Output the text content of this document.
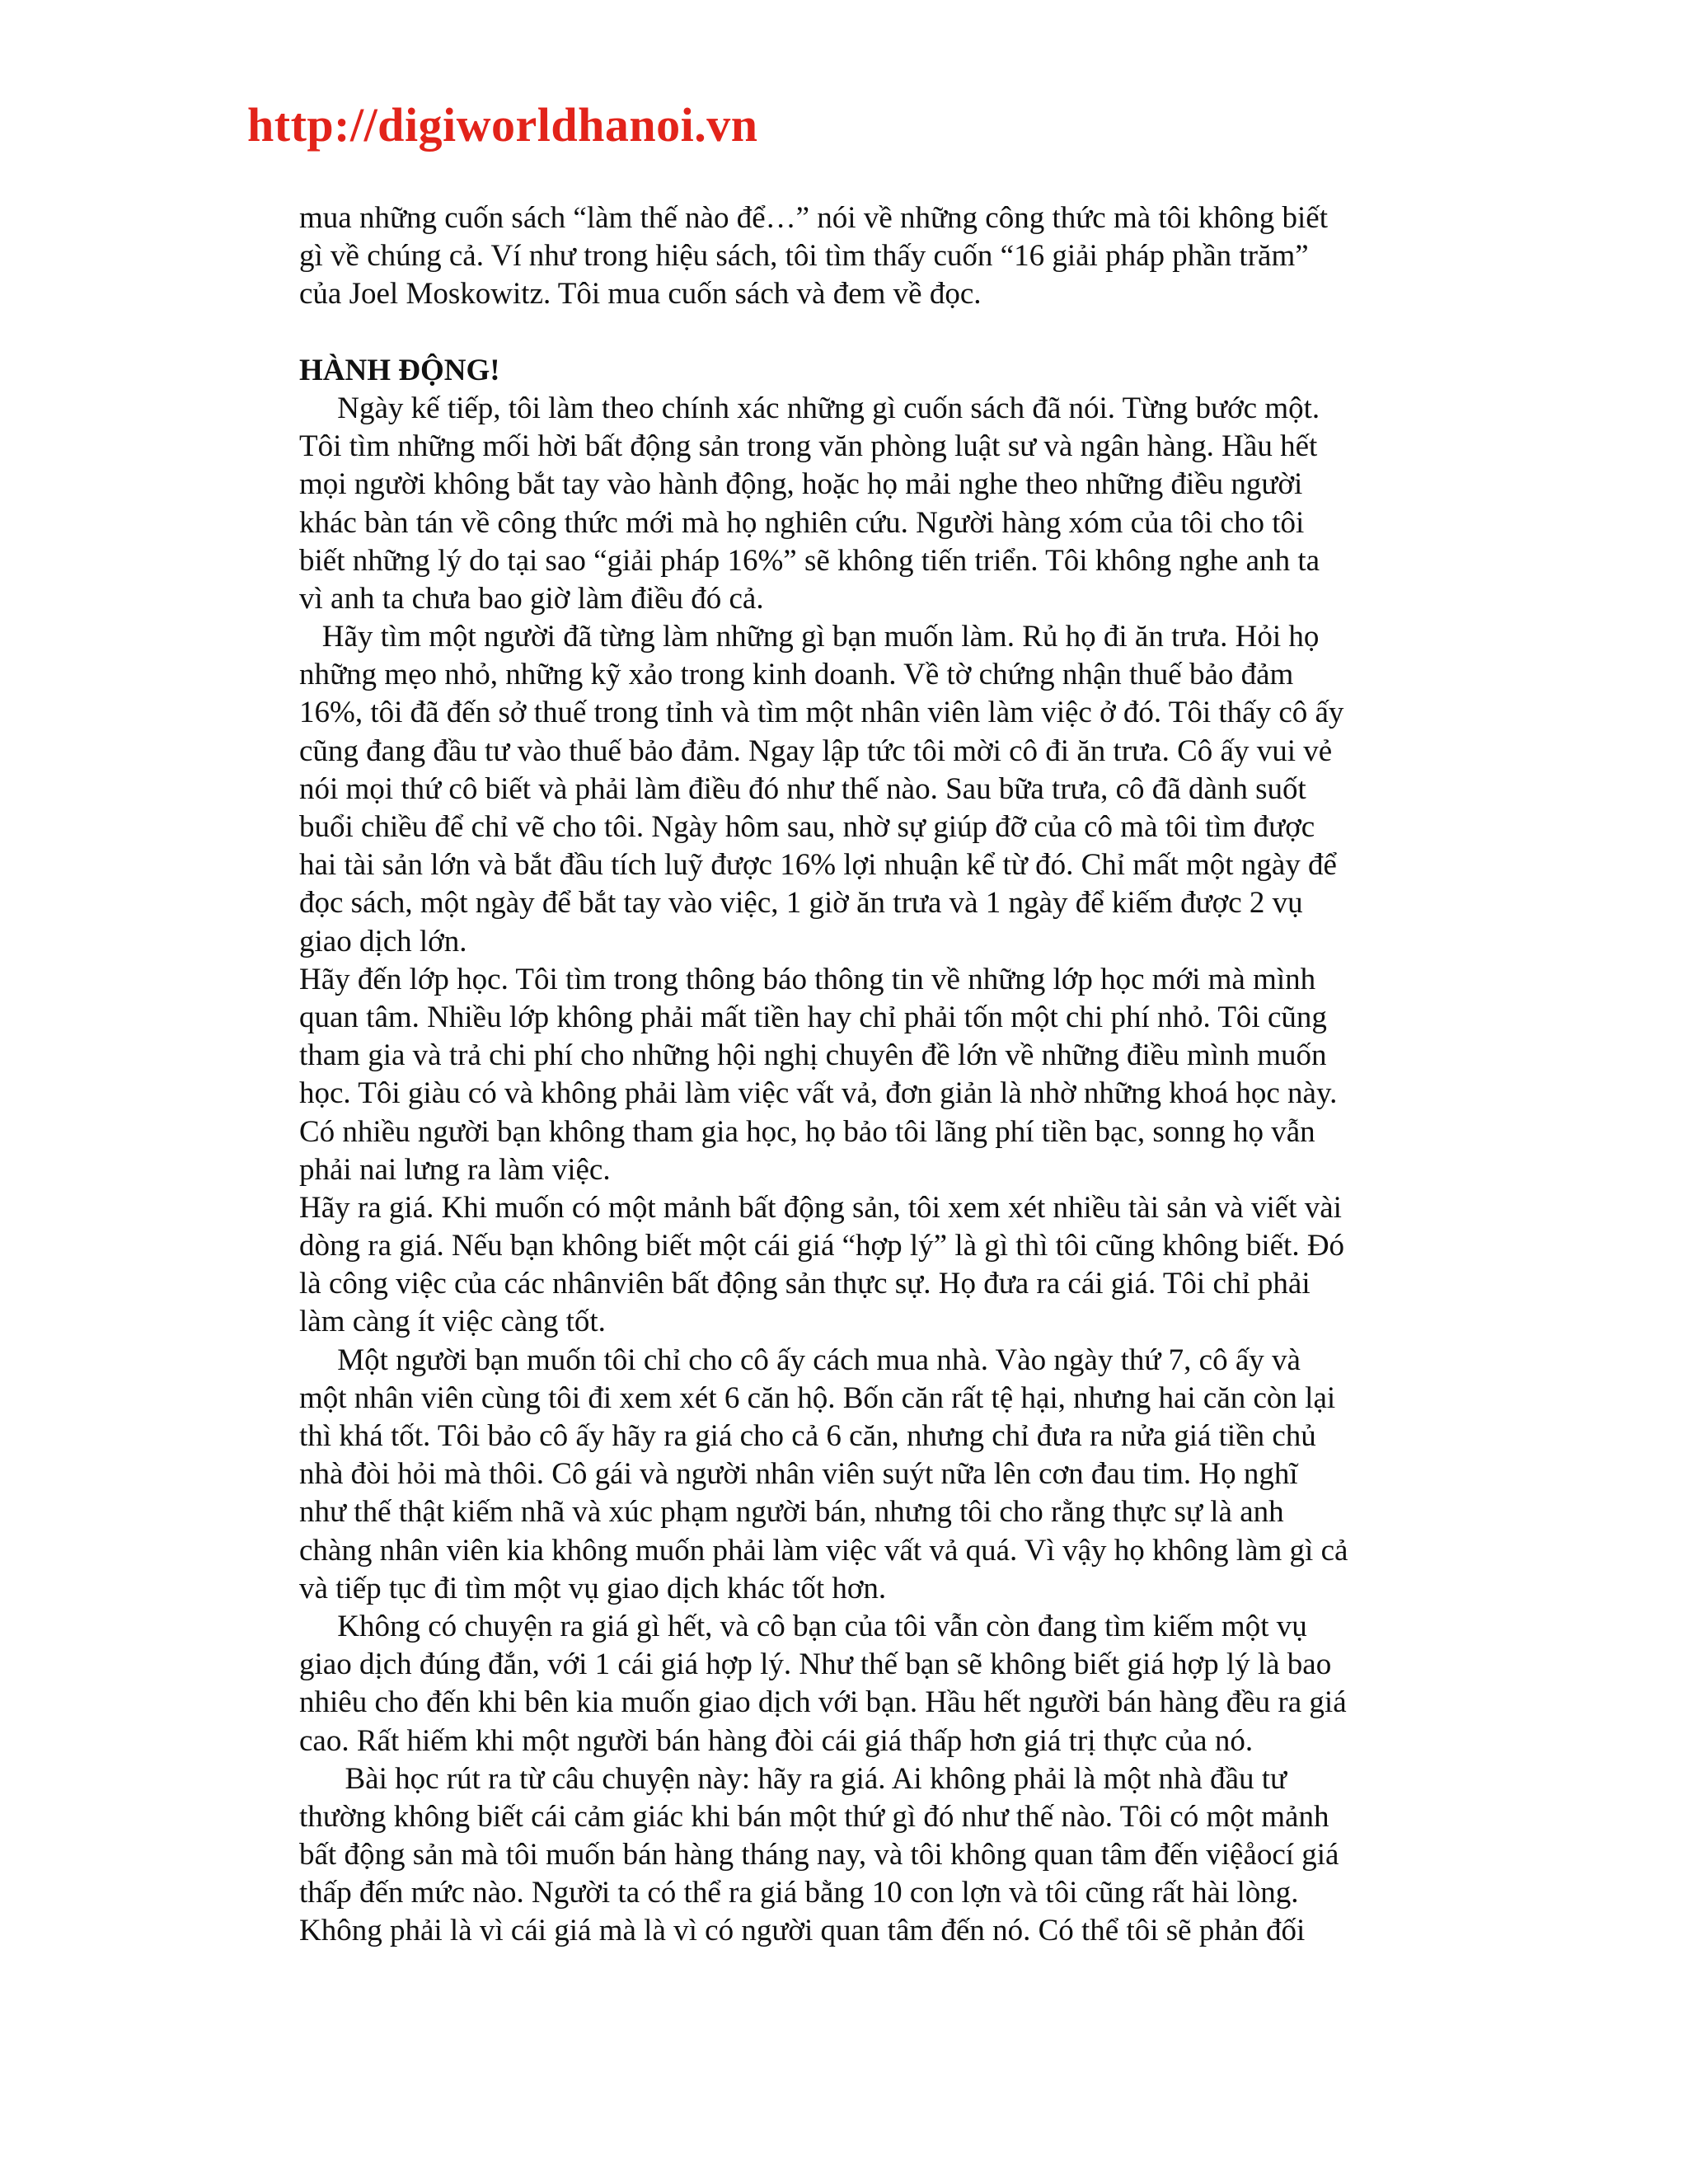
http://digiworldhanoi.vn
mua những cuốn sách “làm thế nào để…” nói về những công thức mà tôi không biết
gì về chúng cả. Ví như trong hiệu sách, tôi tìm thấy cuốn “16 giải pháp phần trăm”
của Joel Moskowitz. Tôi mua cuốn sách và đem về đọc.
HÀNH ĐỘNG!
Ngày kế tiếp, tôi làm theo chính xác những gì cuốn sách đã nói. Từng bước một.
Tôi tìm những mối hời bất động sản trong văn phòng luật sư và ngân hàng. Hầu hết
mọi người không bắt tay vào hành động, hoặc họ mải nghe theo những điều người
khác bàn tán về công thức mới mà họ nghiên cứu. Người hàng xóm của tôi cho tôi
biết những lý do tại sao “giải pháp 16%” sẽ không tiến triển. Tôi không nghe anh ta
vì anh ta chưa bao giờ làm điều đó cả.
Hãy tìm một người đã từng làm những gì bạn muốn làm. Rủ họ đi ăn trưa. Hỏi họ
những mẹo nhỏ, những kỹ xảo trong kinh doanh. Về tờ chứng nhận thuế bảo đảm
16%, tôi đã đến sở thuế trong tỉnh và tìm một nhân viên làm việc ở đó. Tôi thấy cô ấy
cũng đang đầu tư vào thuế bảo đảm. Ngay lập tức tôi mời cô đi ăn trưa. Cô ấy vui vẻ
nói mọi thứ cô biết và phải làm điều đó như thế nào. Sau bữa trưa, cô đã dành suốt
buổi chiều để chỉ vẽ cho tôi. Ngày hôm sau, nhờ sự giúp đỡ của cô mà tôi tìm được
hai tài sản lớn và bắt đầu tích luỹ được 16% lợi nhuận kể từ đó. Chỉ mất một ngày để
đọc sách, một ngày để bắt tay vào việc, 1 giờ ăn trưa và 1 ngày để kiếm được 2 vụ
giao dịch lớn.
Hãy đến lớp học. Tôi tìm trong thông báo thông tin về những lớp học mới mà mình
quan tâm. Nhiều lớp không phải mất tiền hay chỉ phải tốn một chi phí nhỏ. Tôi cũng
tham gia và trả chi phí cho những hội nghị chuyên đề lớn về những điều mình muốn
học. Tôi giàu có và không phải làm việc vất vả, đơn giản là nhờ những khoá học này.
Có nhiều người bạn không tham gia học, họ bảo tôi lãng phí tiền bạc, sonng họ vẫn
phải nai lưng ra làm việc.
Hãy ra giá. Khi muốn có một mảnh bất động sản, tôi xem xét nhiều tài sản và viết vài
dòng ra giá. Nếu bạn không biết một cái giá “hợp lý” là gì thì tôi cũng không biết. Đó
là công việc của các nhânviên bất động sản thực sự. Họ đưa ra cái giá. Tôi chỉ phải
làm càng ít việc càng tốt.
Một người bạn muốn tôi chỉ cho cô ấy cách mua nhà. Vào ngày thứ 7, cô ấy và
một nhân viên cùng tôi đi xem xét 6 căn hộ. Bốn căn rất tệ hại, nhưng hai căn còn lại
thì khá tốt. Tôi bảo cô ấy hãy ra giá cho cả 6 căn, nhưng chỉ đưa ra nửa giá tiền chủ
nhà đòi hỏi mà thôi. Cô gái và người nhân viên suýt nữa lên cơn đau tim. Họ nghĩ
như thế thật kiếm nhã và xúc phạm người bán, nhưng tôi cho rằng thực sự là anh
chàng nhân viên kia không muốn phải làm việc vất vả quá. Vì vậy họ không làm gì cả
và tiếp tục đi tìm một vụ giao dịch khác tốt hơn.
Không có chuyện ra giá gì hết, và cô bạn của tôi vẫn còn đang tìm kiếm một vụ
giao dịch đúng đắn, với 1 cái giá hợp lý. Như thế bạn sẽ không biết giá hợp lý là bao
nhiêu cho đến khi bên kia muốn giao dịch với bạn. Hầu hết người bán hàng đều ra giá
cao. Rất hiếm khi một người bán hàng đòi cái giá thấp hơn giá trị thực của nó.
Bài học rút ra từ câu chuyện này: hãy ra giá. Ai không phải là một nhà đầu tư
thường không biết cái cảm giác khi bán một thứ gì đó như thế nào. Tôi có một mảnh
bất động sản mà tôi muốn bán hàng tháng nay, và tôi không quan tâm đến việåocí giá
thấp đến mức nào. Người ta có thể ra giá bằng 10 con lợn và tôi cũng rất hài lòng.
Không phải là vì cái giá mà là vì có người quan tâm đến nó. Có thể tôi sẽ phản đối
